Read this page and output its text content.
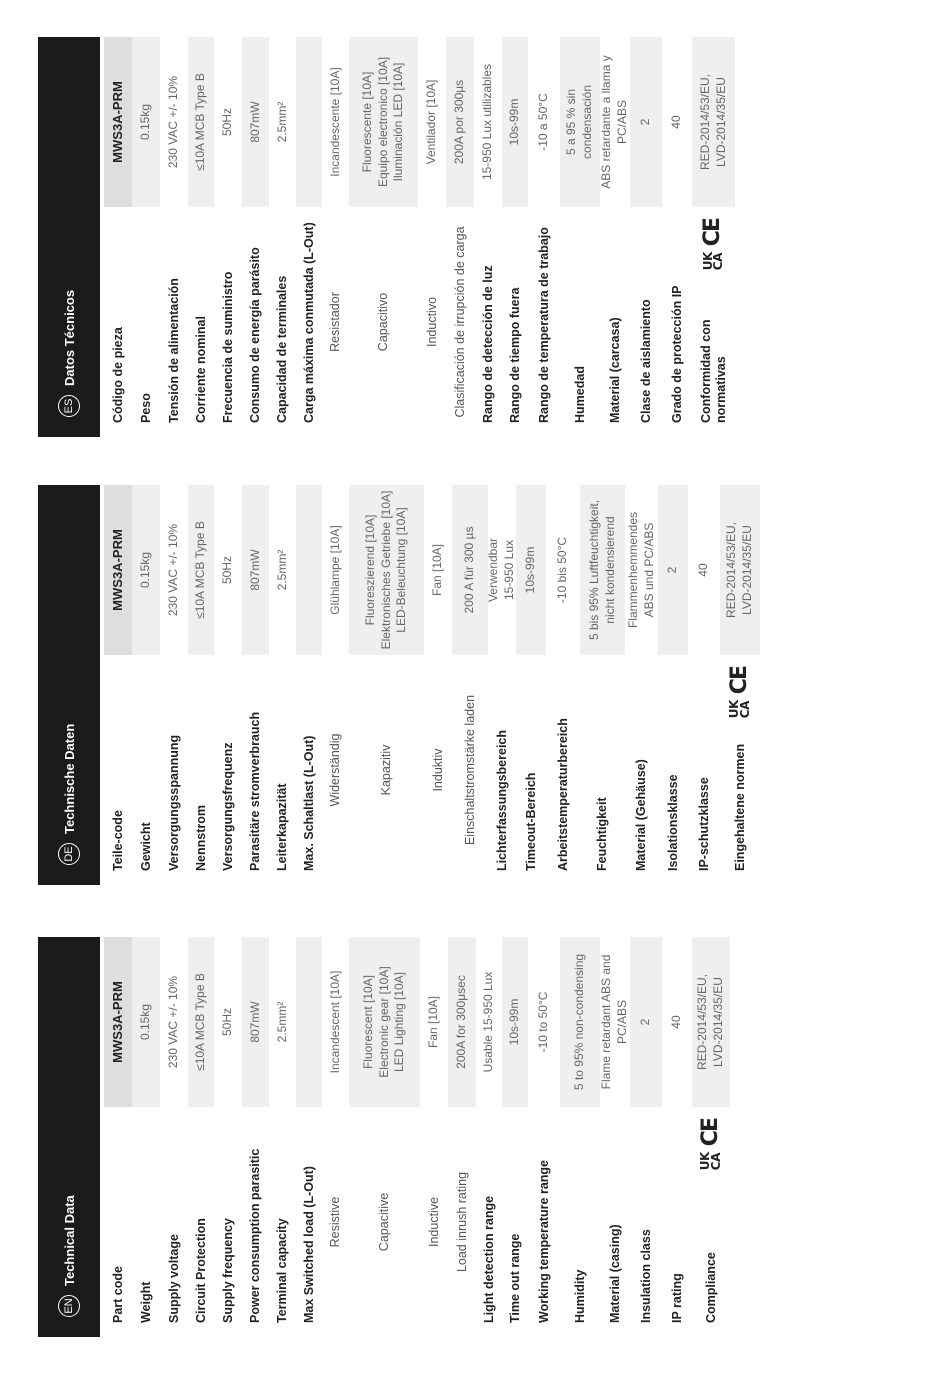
EN
Technical Data
Part code
MWS3A-PRM
Weight
0.15kg
Supply voltage
230 VAC +/- 10%
Circuit Protection
≤10A MCB Type B
Supply frequency
50Hz
Power consumption parasitic
807mW
Terminal capacity
2.5mm²
Max Switched load (L-Out) Resistive
Incandescent [10A]
Capacitive
Fluorescent [10A]
Electronic gear [10A]
LED Lighting [10A]
Inductive
Fan [10A]
Load inrush rating
200A for 300μsec
Light detection range
Usable 15-950 Lux
Time out range
10s-99m
Working temperature range
-10 to 50°C
Humidity
5 to 95% non-condensing
Material (casing)
Flame retardant ABS and PC/ABS
Insulation class
2
IP rating
40
Compliance
UK
CA
CE
RED-2014/53/EU,
LVD-2014/35/EU
DE
Technische Daten
Teile-code
MWS3A-PRM
Gewicht
0.15kg
Versorgungsspannung
230 VAC +/- 10%
Nennstrom
≤10A MCB Type B
Versorgungsfrequenz
50Hz
Parasitäre stromverbrauch
807mW
Leiterkapazität
2.5mm²
Max. Schaltlast (L-Out) Widerständig
Glühlampe [10A]
Kapazitiv
Fluoreszierend [10A]
Elektronisches Getriebe [10A]
LED-Beleuchtung [10A]
Induktiv
Fan [10A]
Einschaltstromstärke laden
200 A für 300 µs
Lichterfassungsbereich
Verwendbar
15-950 Lux
Timeout-Bereich
10s-99m
Arbeitstemperaturbereich
-10 bis 50°C
Feuchtigkeit
5 bis 95% Luftfeuchtigkeit,
nicht kondensierend
Material (Gehäuse)
Flammenhemmendes
ABS und PC/ABS
Isolationsklasse
2
IP-schutzklasse
40
Eingehaltene normen
UK
CA
CE
RED-2014/53/EU,
LVD-2014/35/EU
ES
Datos Técnicos	Código de pieza
MWS3A-PRM
Peso
0.15kg
Tensión de alimentación
230 VAC +/- 10%
Corriente nominal
≤10A MCB Type B
Frecuencia de suministro
50Hz
Consumo de energía parásito
807mW
Capacidad de terminales
2.5mm²
Carga máxima conmutada (L-Out) Resistador
Incandescente [10A]
Capacitivo
Fluorescente [10A]
Equipo electronico [10A]
Iluminación LED [10A]
Inductivo
Ventilador [10A]
Clasificación de irrupción de carga
200A por 300µs
Rango de detección de luz
15-950 Lux utilizables
Rango de tiempo fuera
10s-99m
Rango de temperatura de trabajo
-10 a 50°C
Humedad
5 a 95 % sin
condensación
Material (carcasa)
ABS retardante a llama y
PC/ABS
Clase de aislamiento
2
Grado de protección IP
40
Conformidad con
normativas
UK
CA
CE
RED-2014/53/EU,
LVD-2014/35/EU
